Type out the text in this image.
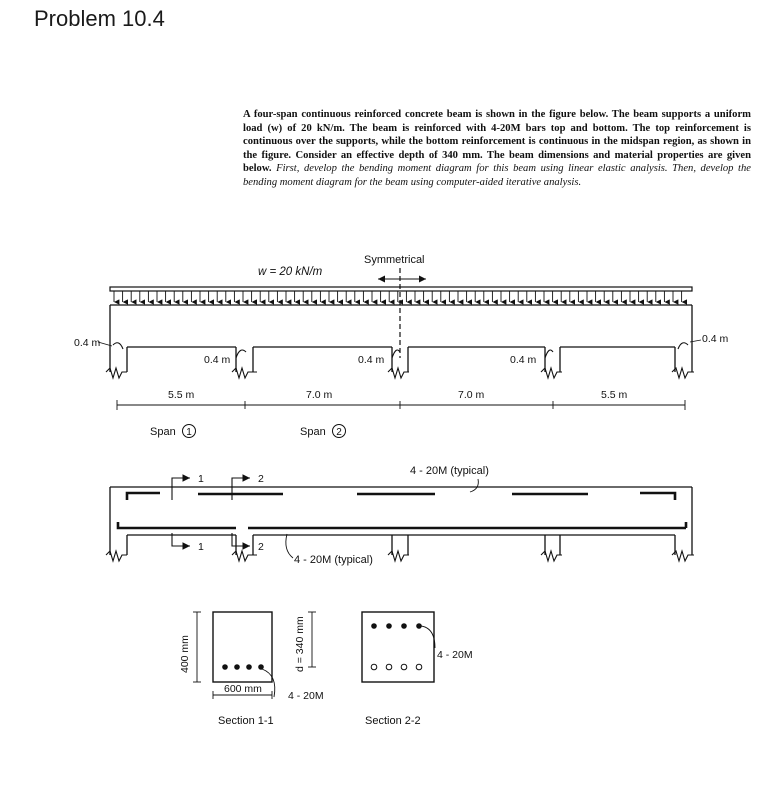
Problem 10.4
A four-span continuous reinforced concrete beam is shown in the figure below. The beam supports a uniform load (w) of 20 kN/m. The beam is reinforced with 4-20M bars top and bottom. The top reinforcement is continuous over the supports, while the bottom reinforcement is continuous in the midspan region, as shown in the figure. Consider an effective depth of 340 mm. The beam dimensions and material properties are given below. First, develop the bending moment diagram for this beam using linear elastic analysis. Then, develop the bending moment diagram for the beam using computer-aided iterative analysis.
w = 20 kN/m
Symmetrical
0.4 m	0.4 m
0.4 m	0.4 m	0.4 m
5.5 m	7.0 m	7.0 m	5.5 m
Span 1	Span 2
4 - 20M (typical)
1
1
2
2
4 - 20M (typical)
400 mm	d = 340 mm
600 mm
4 - 20M
Section 1-1
4 - 20M
Section 2-2
